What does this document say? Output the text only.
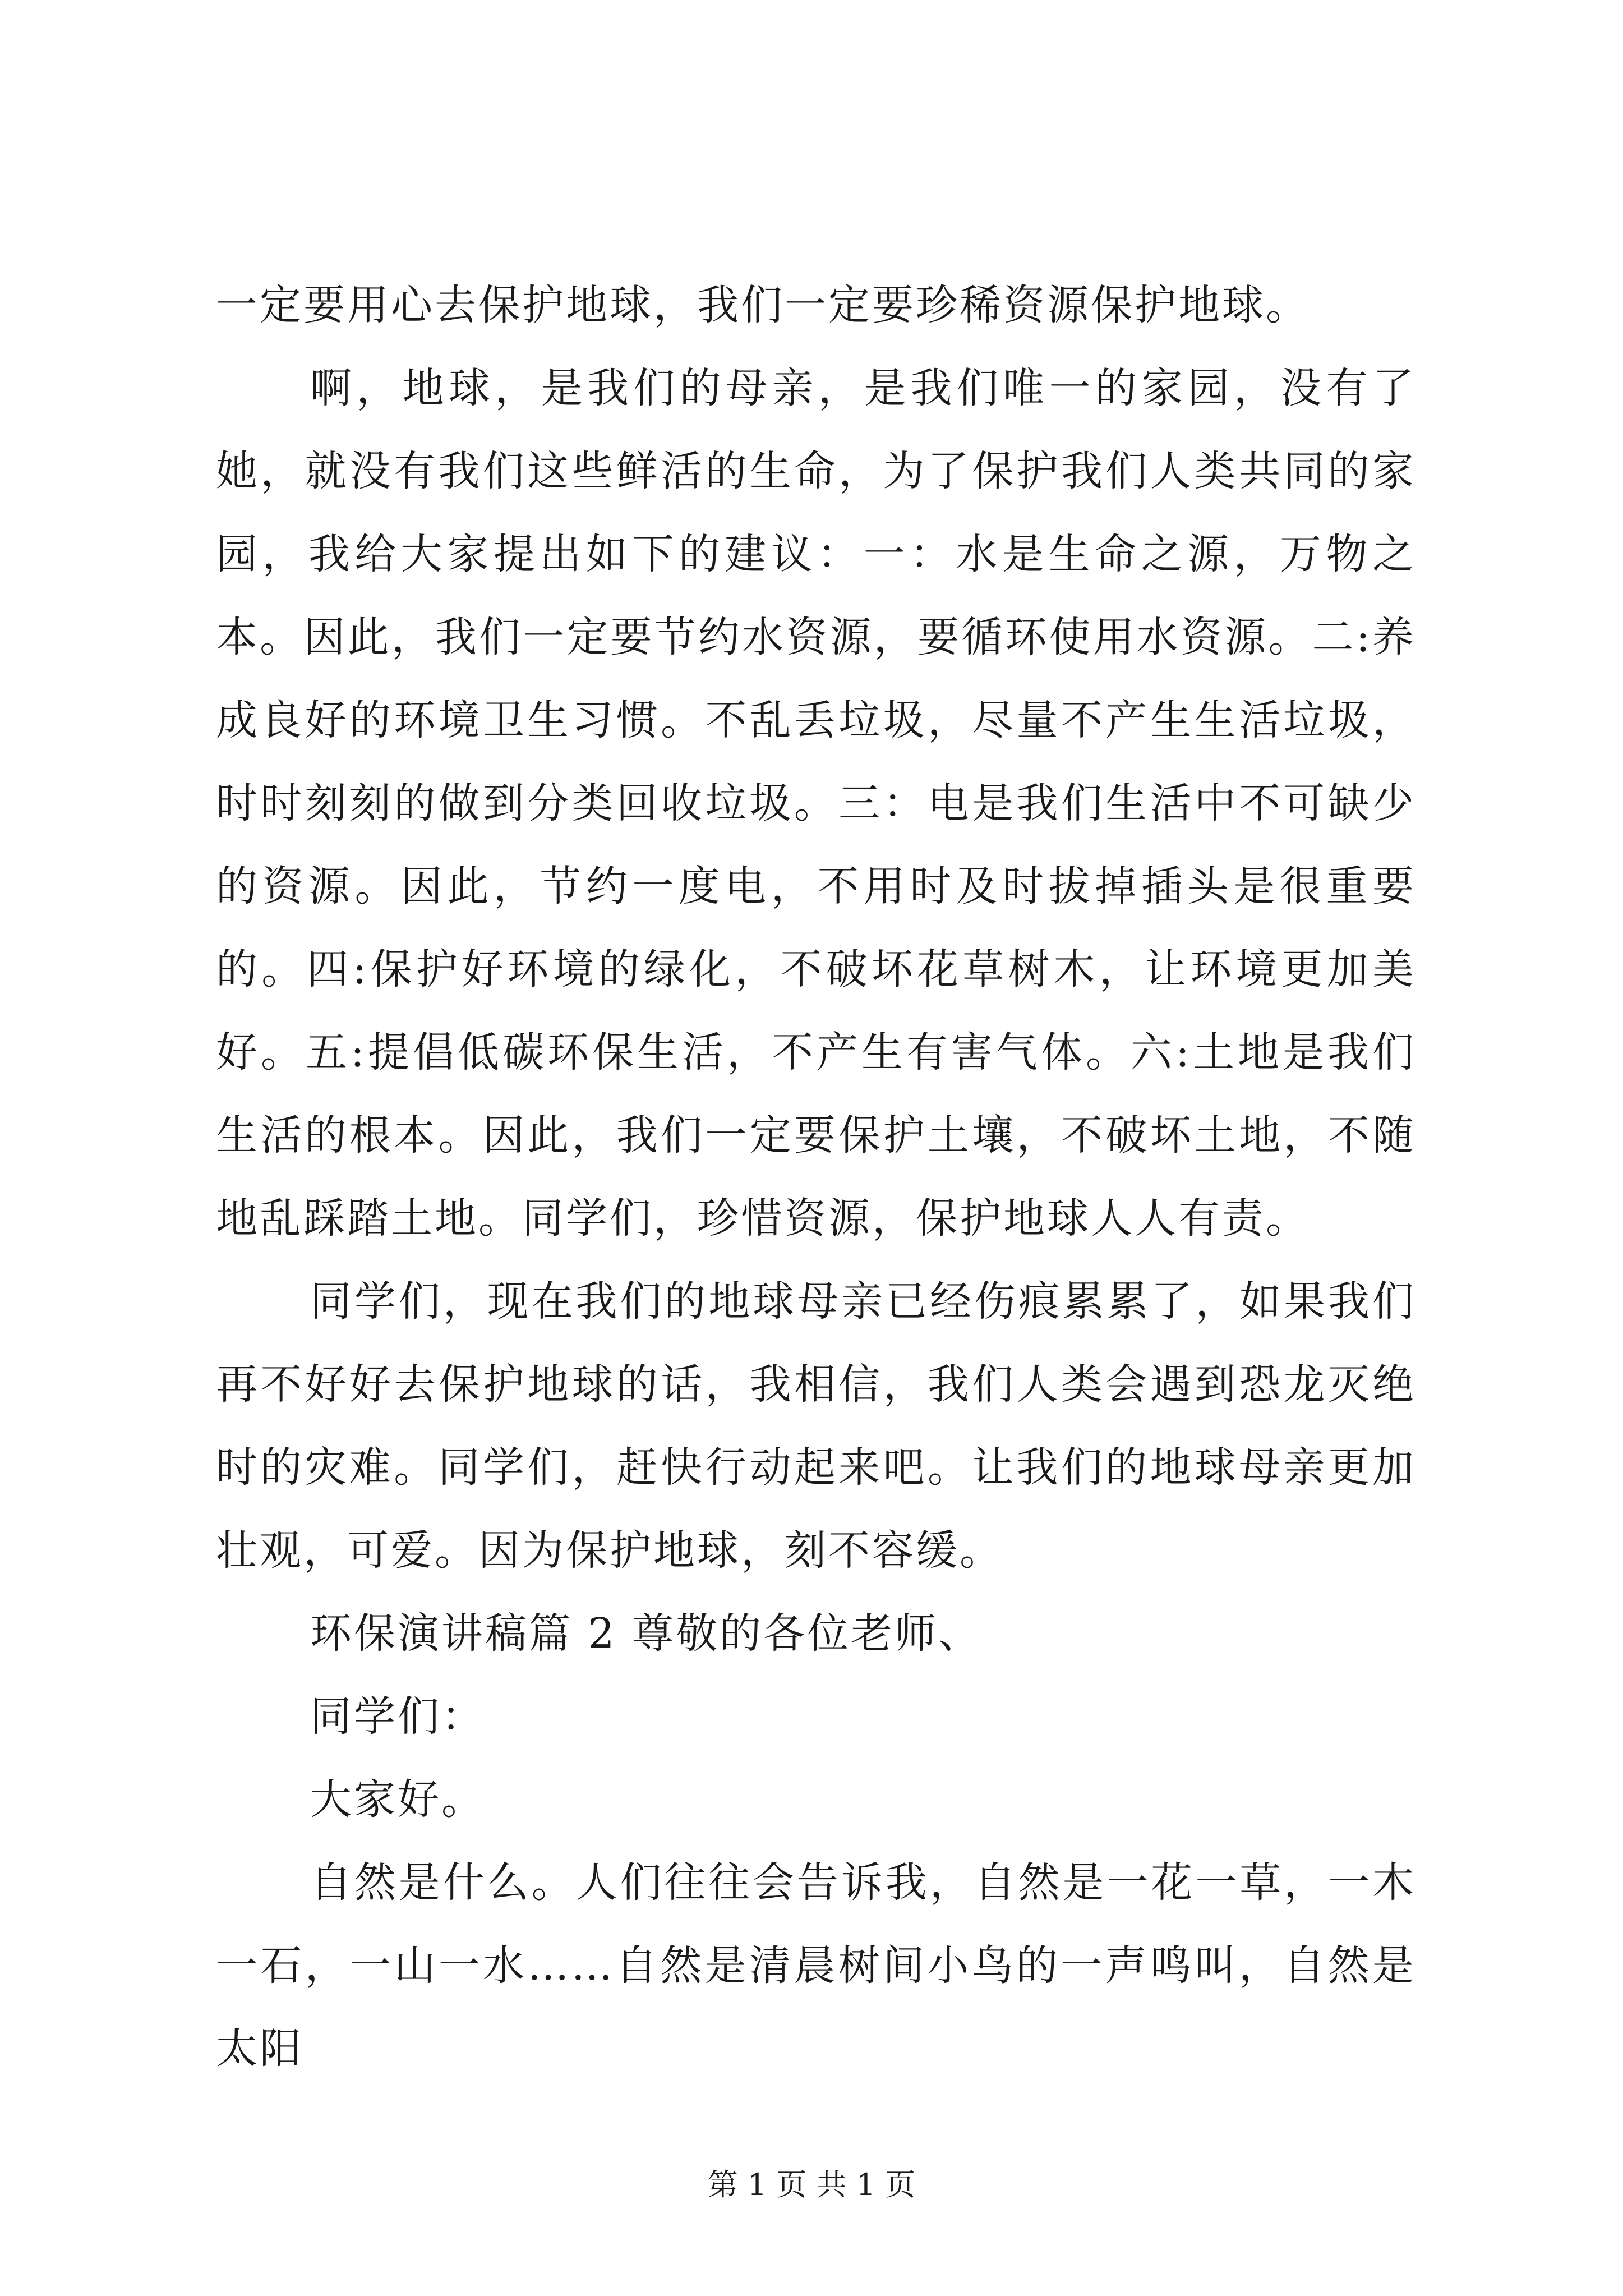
一定要用心去保护地球，我们一定要珍稀资源保护地球。

啊，地球，是我们的母亲，是我们唯一的家园，没有了她，就没有我们这些鲜活的生命，为了保护我们人类共同的家园，我给大家提出如下的建议：一：水是生命之源，万物之本。因此，我们一定要节约水资源，要循环使用水资源。二:养成良好的环境卫生习惯。不乱丢垃圾，尽量不产生生活垃圾，时时刻刻的做到分类回收垃圾。三：电是我们生活中不可缺少的资源。因此，节约一度电，不用时及时拔掉插头是很重要的。四:保护好环境的绿化，不破坏花草树木，让环境更加美好。五:提倡低碳环保生活，不产生有害气体。六:土地是我们生活的根本。因此，我们一定要保护土壤，不破坏土地，不随地乱踩踏土地。同学们，珍惜资源，保护地球人人有责。

同学们，现在我们的地球母亲已经伤痕累累了，如果我们再不好好去保护地球的话，我相信，我们人类会遇到恐龙灭绝时的灾难。同学们，赶快行动起来吧。让我们的地球母亲更加壮观，可爱。因为保护地球，刻不容缓。

环保演讲稿篇 2 尊敬的各位老师、

同学们：

大家好。

自然是什么。人们往往会告诉我，自然是一花一草，一木一石，一山一水……自然是清晨树间小鸟的一声鸣叫，自然是太阳

第 1 页 共 1 页
